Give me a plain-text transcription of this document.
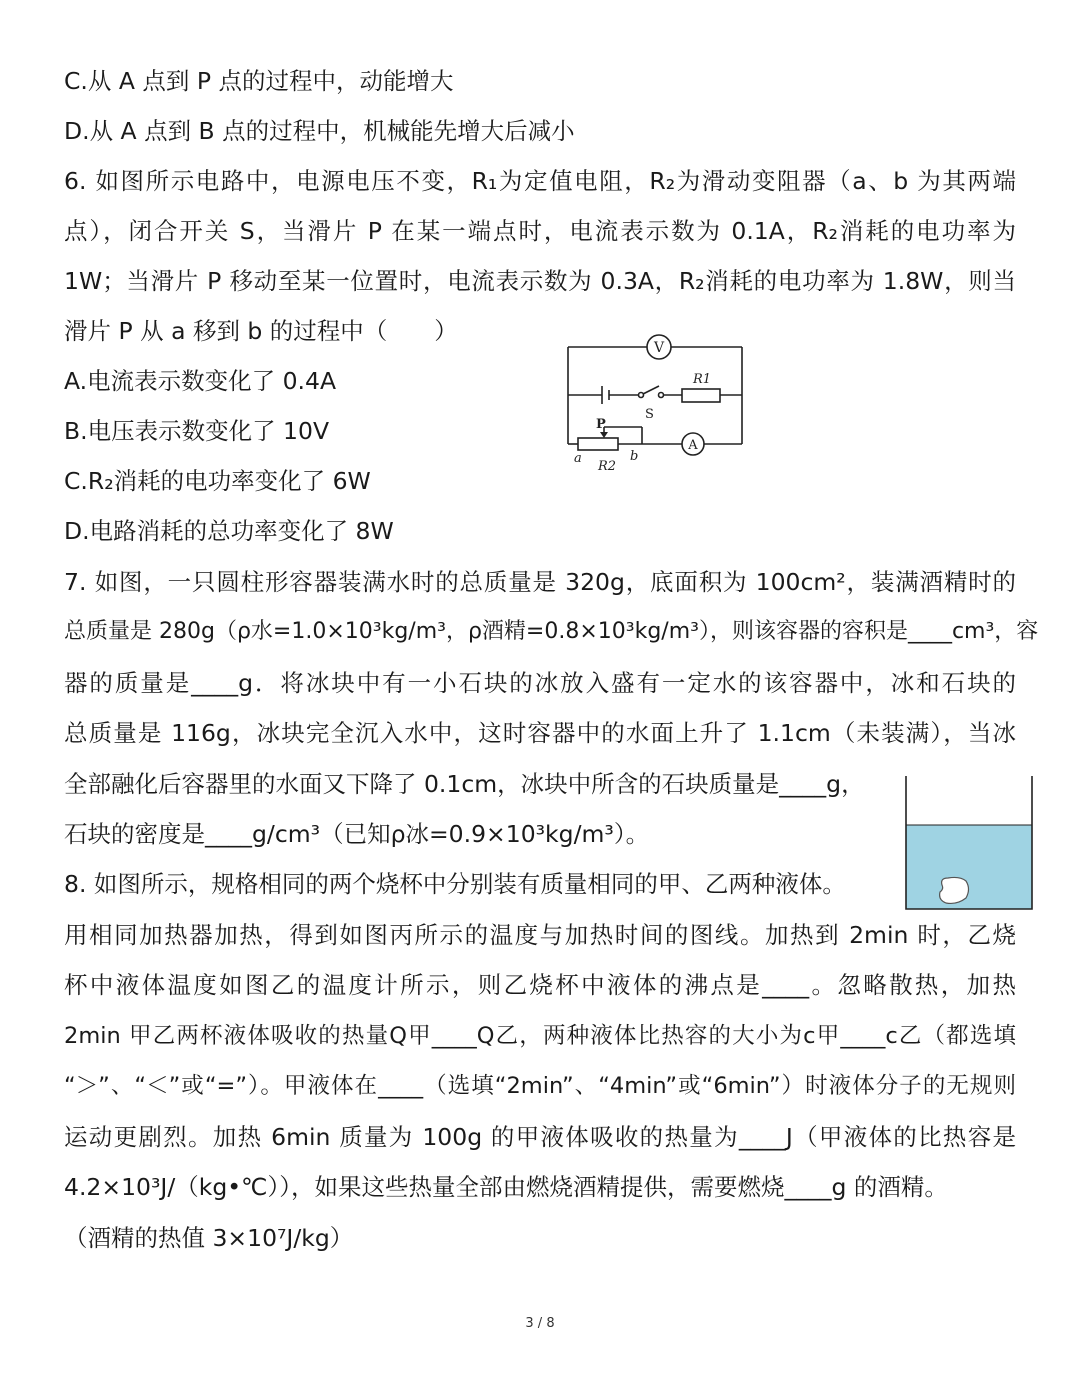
C.从 A 点到 P 点的过程中，动能增大
D.从 A 点到 B 点的过程中，机械能先增大后减小
6. 如图所示电路中，电源电压不变，R₁为定值电阻，R₂为滑动变阻器（a、b 为其两端
点），闭合开关 S，当滑片 P 在某一端点时，电流表示数为 0.1A，R₂消耗的电功率为
1W；当滑片 P 移动至某一位置时，电流表示数为 0.3A，R₂消耗的电功率为 1.8W，则当
滑片 P 从 a 移到 b 的过程中（　　）
A.电流表示数变化了 0.4A
B.电压表示数变化了 10V
C.R₂消耗的电功率变化了 6W
D.电路消耗的总功率变化了 8W
7. 如图，一只圆柱形容器装满水时的总质量是 320g，底面积为 100cm²，装满酒精时的
总质量是 280g（ρ水=1.0×10³kg/m³，ρ酒精=0.8×10³kg/m³），则该容器的容积是____cm³，容
器的质量是____g．将冰块中有一小石块的冰放入盛有一定水的该容器中，冰和石块的
总质量是 116g，冰块完全沉入水中，这时容器中的水面上升了 1.1cm（未装满），当冰
全部融化后容器里的水面又下降了 0.1cm，冰块中所含的石块质量是____g，
石块的密度是____g/cm³（已知ρ冰=0.9×10³kg/m³）。
8. 如图所示，规格相同的两个烧杯中分别装有质量相同的甲、乙两种液体。
用相同加热器加热，得到如图丙所示的温度与加热时间的图线。加热到 2min 时，乙烧
杯中液体温度如图乙的温度计所示，则乙烧杯中液体的沸点是____。忽略散热，加热
2min 甲乙两杯液体吸收的热量Q甲____Q乙，两种液体比热容的大小为c甲____c乙（都选填
“＞”、“＜”或“=”）。甲液体在____（选填“2min”、“4min”或“6min”）时液体分子的无规则
运动更剧烈。加热 6min 质量为 100g 的甲液体吸收的热量为____J（甲液体的比热容是
4.2×10³J/（kg•℃）），如果这些热量全部由燃烧酒精提供，需要燃烧____g 的酒精。
（酒精的热值 3×10⁷J/kg）
V
A
R1
S
P
a	b
R2
3 / 8
